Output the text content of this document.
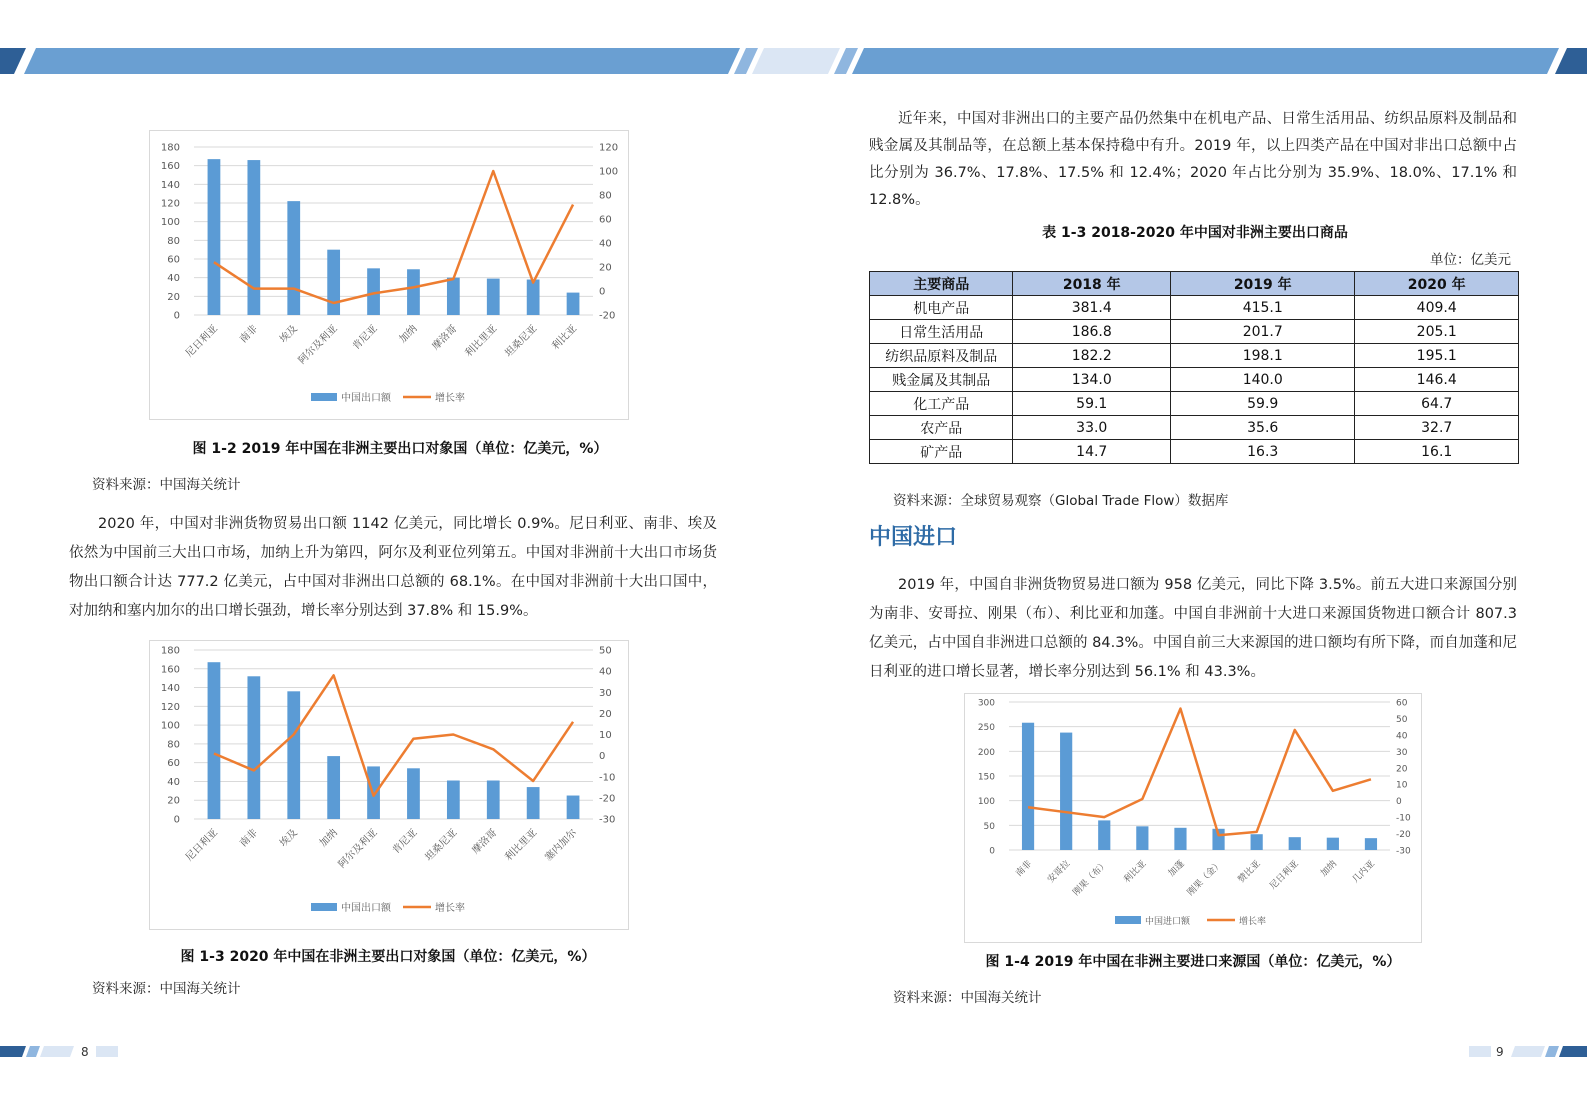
0
20
40
60
80
100
120
140
160
180
-20
0
20
40
60
80
100
120
尼日利亚 南非 埃及
阿尔及利亚 肯尼亚 加纳 摩洛哥 利比里亚 坦桑尼亚 利比亚
中国出口额	增长率
图 1-2 2019 年中国在非洲主要出口对象国（单位：亿美元，%）
资料来源：中国海关统计

2020 年，中国对非洲货物贸易出口额 1142 亿美元，同比增长 0.9%。尼日利亚、南非、埃及依然为中国前三大出口市场，加纳上升为第四，阿尔及利亚位列第五。中国对非洲前十大出口市场货物出口额合计达 777.2 亿美元，占中国对非洲出口总额的 68.1%。在中国对非洲前十大出口国中，对加纳和塞内加尔的出口增长强劲，增长率分别达到 37.8% 和 15.9%。

0
20
40
60
80
100
120
140
160
180
-30
-20
-10
0
10
20
30
40
50
尼日利亚 南非 埃及 加纳
阿尔及利亚 肯尼亚 坦桑尼亚 摩洛哥 利比里亚 塞内加尔
中国出口额	增长率
图 1-3 2020 年中国在非洲主要出口对象国（单位：亿美元，%）
资料来源：中国海关统计

近年来，中国对非洲出口的主要产品仍然集中在机电产品、日常生活用品、纺织品原料及制品和贱金属及其制品等，在总额上基本保持稳中有升。2019 年，以上四类产品在中国对非出口总额中占比分别为 36.7%、17.8%、17.5% 和 12.4%；2020 年占比分别为 35.9%、18.0%、17.1% 和 12.8%。

表 1-3 2018-2020 年中国对非洲主要出口商品
单位：亿美元
主要商品	2018 年	2019 年	2020 年
机电产品	381.4	415.1	409.4
日常生活用品	186.8	201.7	205.1
纺织品原料及制品	182.2	198.1	195.1
贱金属及其制品	134.0	140.0	146.4
化工产品	59.1	59.9	64.7
农产品	33.0	35.6	32.7
矿产品	14.7	16.3	16.1
资料来源：全球贸易观察（Global Trade Flow）数据库
中国进口

2019 年，中国自非洲货物贸易进口额为 958 亿美元，同比下降 3.5%。前五大进口来源国分别为南非、安哥拉、刚果（布）、利比亚和加蓬。中国自非洲前十大进口来源国货物进口额合计 807.3 亿美元，占中国自非洲进口总额的 84.3%。中国自前三大来源国的进口额均有所下降，而自加蓬和尼日利亚的进口增长显著，增长率分别达到 56.1% 和 43.3%。

0
50
100
150
200
250
300
-30
-20
-10
0
10
20
30
40
50
60
南非 安哥拉 刚果（布） 利比亚 加蓬 刚果（金） 赞比亚 尼日利亚 加纳 几内亚
中国进口额	增长率
图 1-4 2019 年中国在非洲主要进口来源国（单位：亿美元，%）
资料来源：中国海关统计
8	9
